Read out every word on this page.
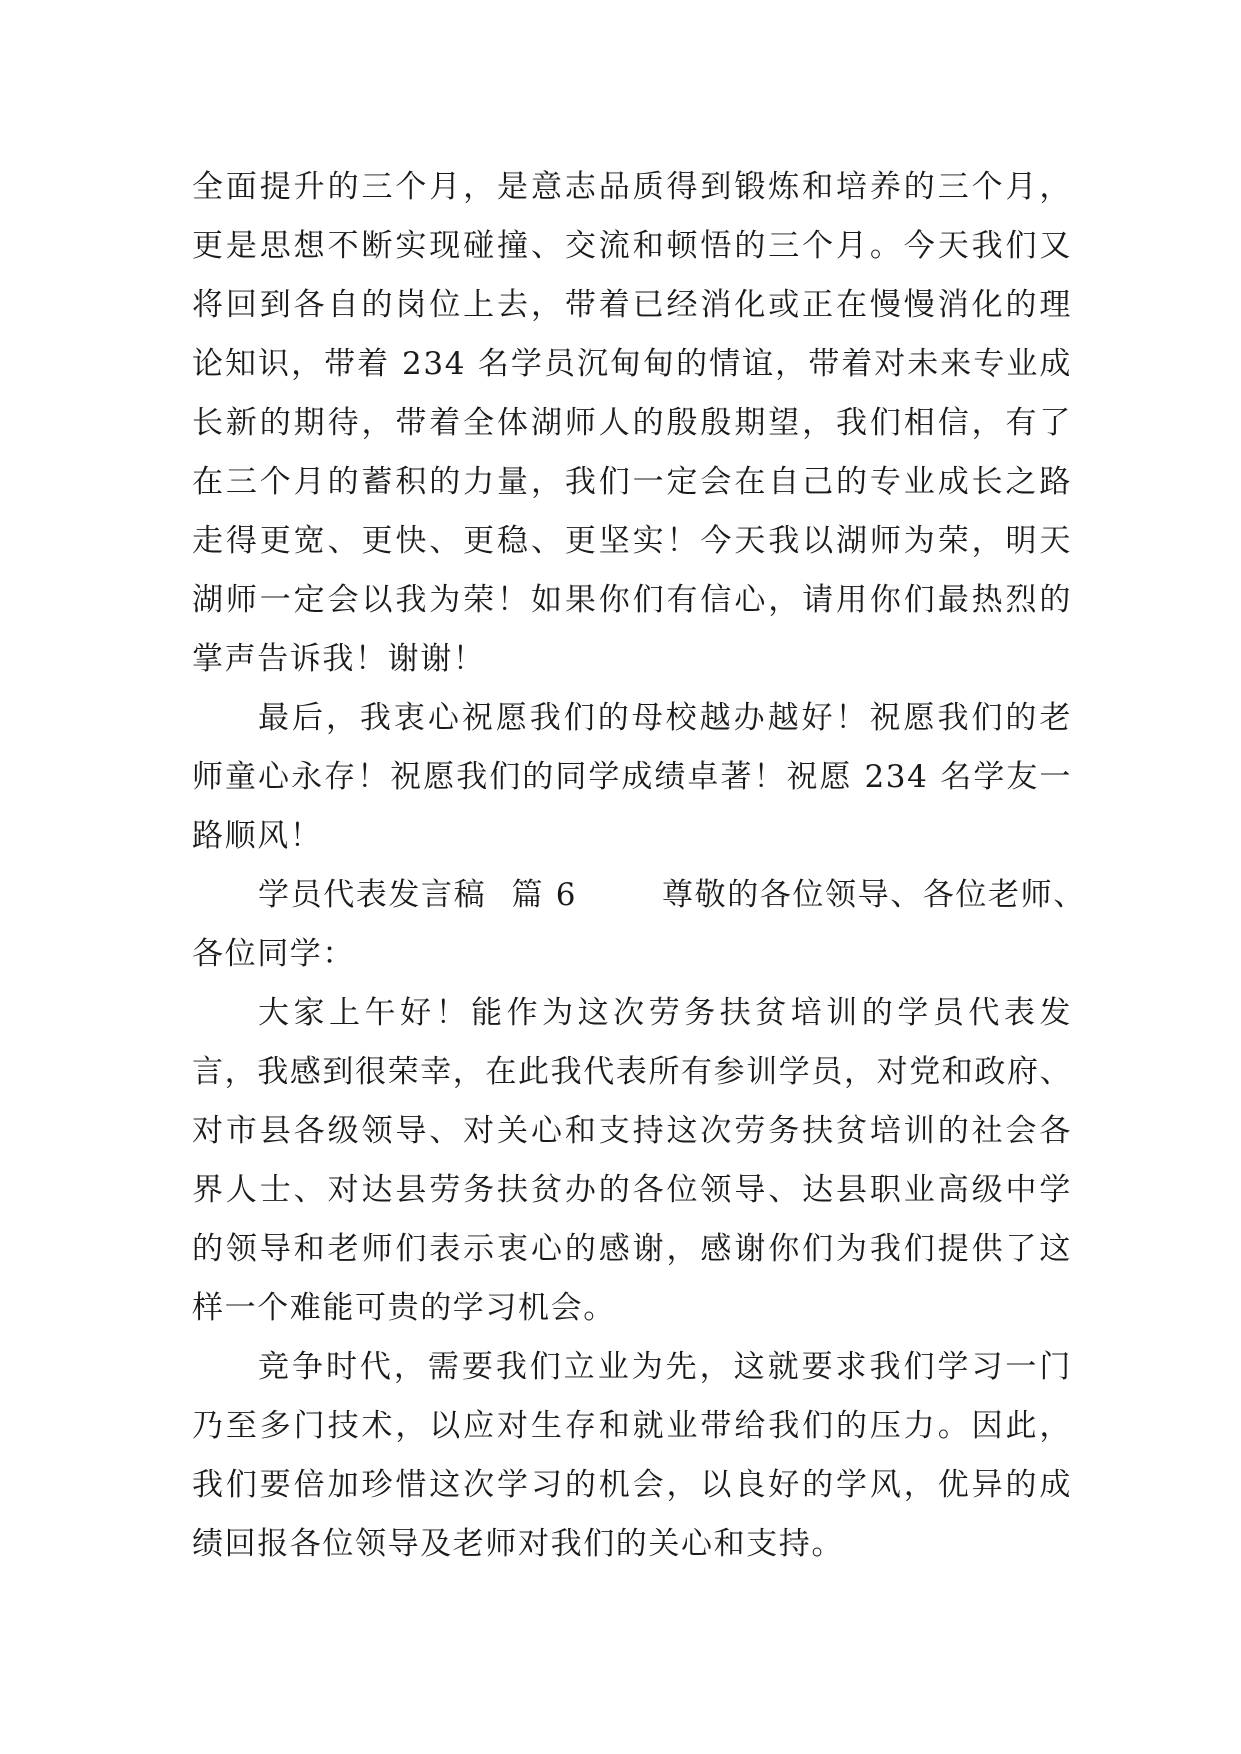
全面提升的三个月，是意志品质得到锻炼和培养的三个月，
更是思想不断实现碰撞、交流和顿悟的三个月。今天我们又
将回到各自的岗位上去，带着已经消化或正在慢慢消化的理
论知识，带着 234 名学员沉甸甸的情谊，带着对未来专业成
长新的期待，带着全体湖师人的殷殷期望，我们相信，有了
在三个月的蓄积的力量，我们一定会在自己的专业成长之路
走得更宽、更快、更稳、更坚实！今天我以湖师为荣，明天
湖师一定会以我为荣！如果你们有信心，请用你们最热烈的
掌声告诉我！谢谢！
最后，我衷心祝愿我们的母校越办越好！祝愿我们的老
师童心永存！祝愿我们的同学成绩卓著！祝愿 234 名学友一
路顺风！
学员代表发言稿 篇 6	尊敬的各位领导、各位老师、
各位同学：
大家上午好！能作为这次劳务扶贫培训的学员代表发
言，我感到很荣幸，在此我代表所有参训学员，对党和政府、
对市县各级领导、对关心和支持这次劳务扶贫培训的社会各
界人士、对达县劳务扶贫办的各位领导、达县职业高级中学
的领导和老师们表示衷心的感谢，感谢你们为我们提供了这
样一个难能可贵的学习机会。
竞争时代，需要我们立业为先，这就要求我们学习一门
乃至多门技术，以应对生存和就业带给我们的压力。因此，
我们要倍加珍惜这次学习的机会，以良好的学风，优异的成
绩回报各位领导及老师对我们的关心和支持。
